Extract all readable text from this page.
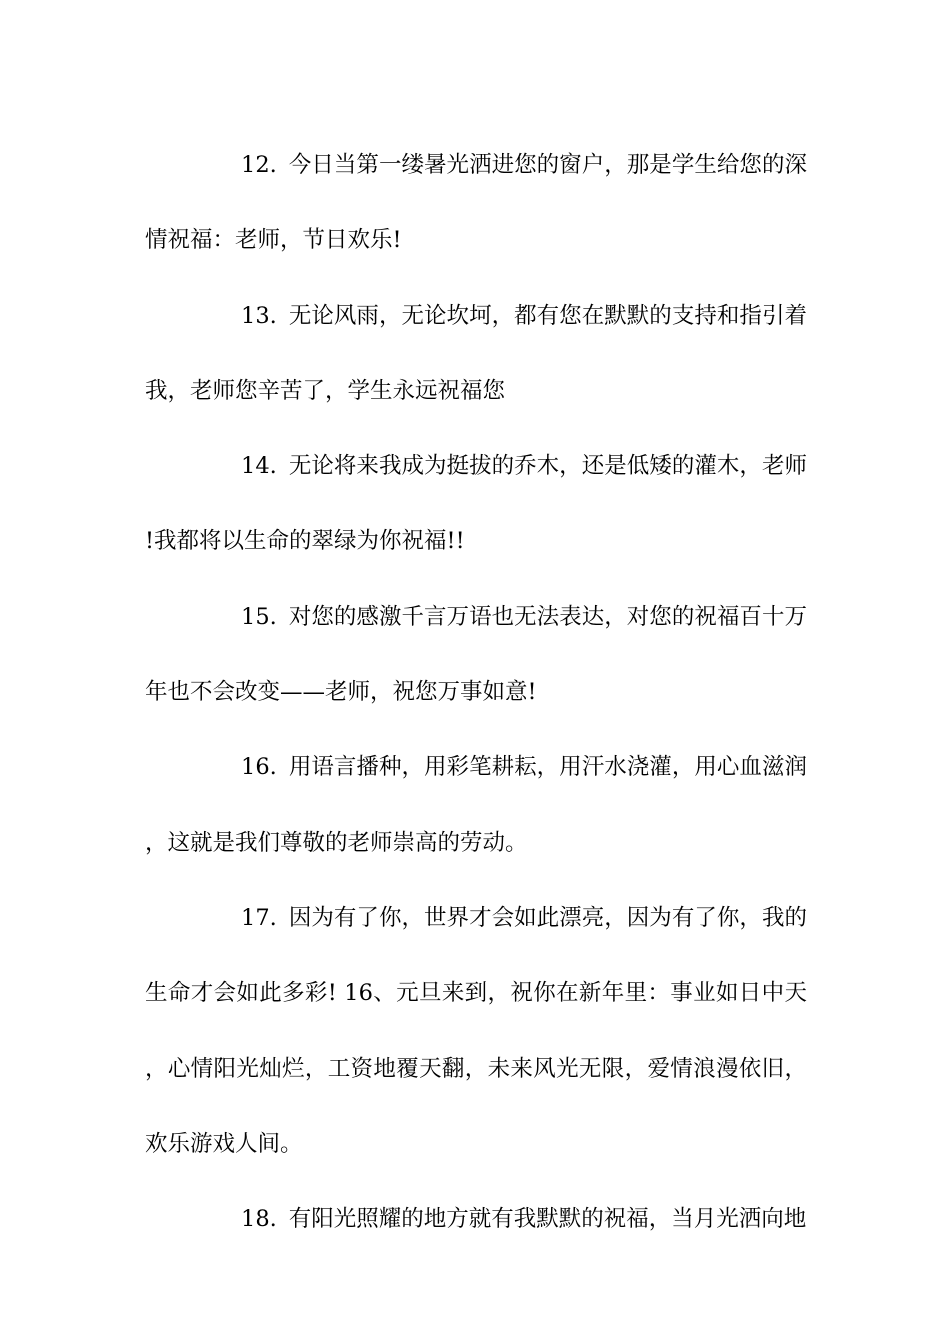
12. 今日当第一缕暑光洒进您的窗户，那是学生给您的深情祝福：老师，节日欢乐!

13. 无论风雨，无论坎坷，都有您在默默的支持和指引着我，老师您辛苦了，学生永远祝福您

14. 无论将来我成为挺拔的乔木，还是低矮的灌木，老师!我都将以生命的翠绿为你祝福!!

15. 对您的感激千言万语也无法表达，对您的祝福百十万年也不会改变——老师，祝您万事如意!

16. 用语言播种，用彩笔耕耘，用汗水浇灌，用心血滋润，这就是我们尊敬的老师崇高的劳动。

17. 因为有了你，世界才会如此漂亮，因为有了你，我的生命才会如此多彩! 16、元旦来到，祝你在新年里：事业如日中天，心情阳光灿烂，工资地覆天翻，未来风光无限，爱情浪漫依旧，欢乐游戏人间。

18. 有阳光照耀的地方就有我默默的祝福，当月光洒向地
